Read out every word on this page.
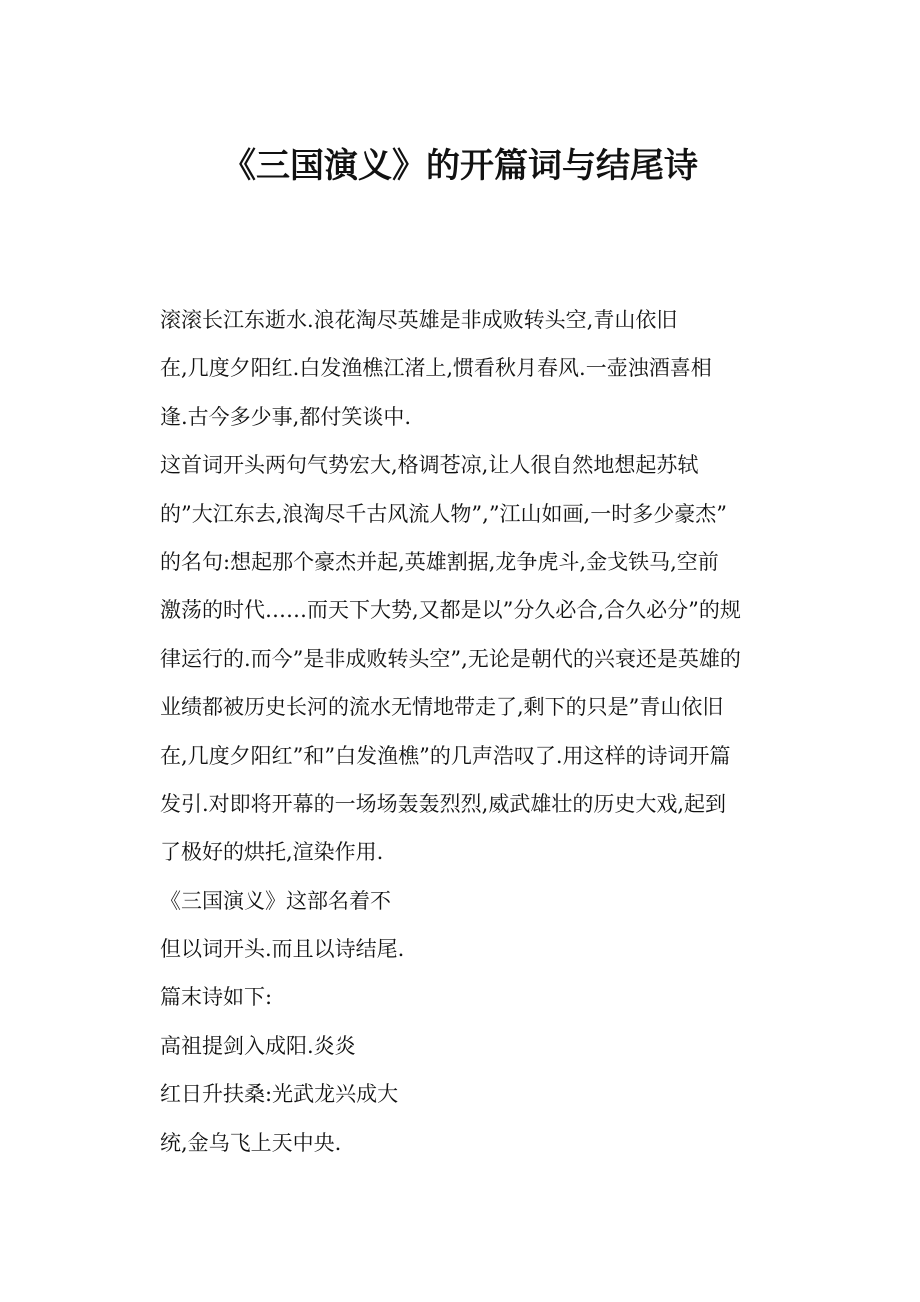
《三国演义》的开篇词与结尾诗
滚滚长江东逝水.浪花淘尽英雄是非成败转头空,青山依旧
在,几度夕阳红.白发渔樵江渚上,惯看秋月春风.一壶浊酒喜相
逢.古今多少事,都付笑谈中.
这首词开头两句气势宏大,格调苍凉,让人很自然地想起苏轼
的”大江东去,浪淘尽千古风流人物”,”江山如画,一时多少豪杰”
的名句:想起那个豪杰并起,英雄割据,龙争虎斗,金戈铁马,空前
激荡的时代……而天下大势,又都是以”分久必合,合久必分”的规
律运行的.而今”是非成败转头空”,无论是朝代的兴衰还是英雄的
业绩都被历史长河的流水无情地带走了,剩下的只是”青山依旧
在,几度夕阳红”和”白发渔樵”的几声浩叹了.用这样的诗词开篇
发引.对即将开幕的一场场轰轰烈烈,威武雄壮的历史大戏,起到
了极好的烘托,渲染作用.
《三国演义》这部名着不
但以词开头.而且以诗结尾.
篇末诗如下:
高祖提剑入成阳.炎炎
红日升扶桑:光武龙兴成大
统,金乌飞上天中央.
